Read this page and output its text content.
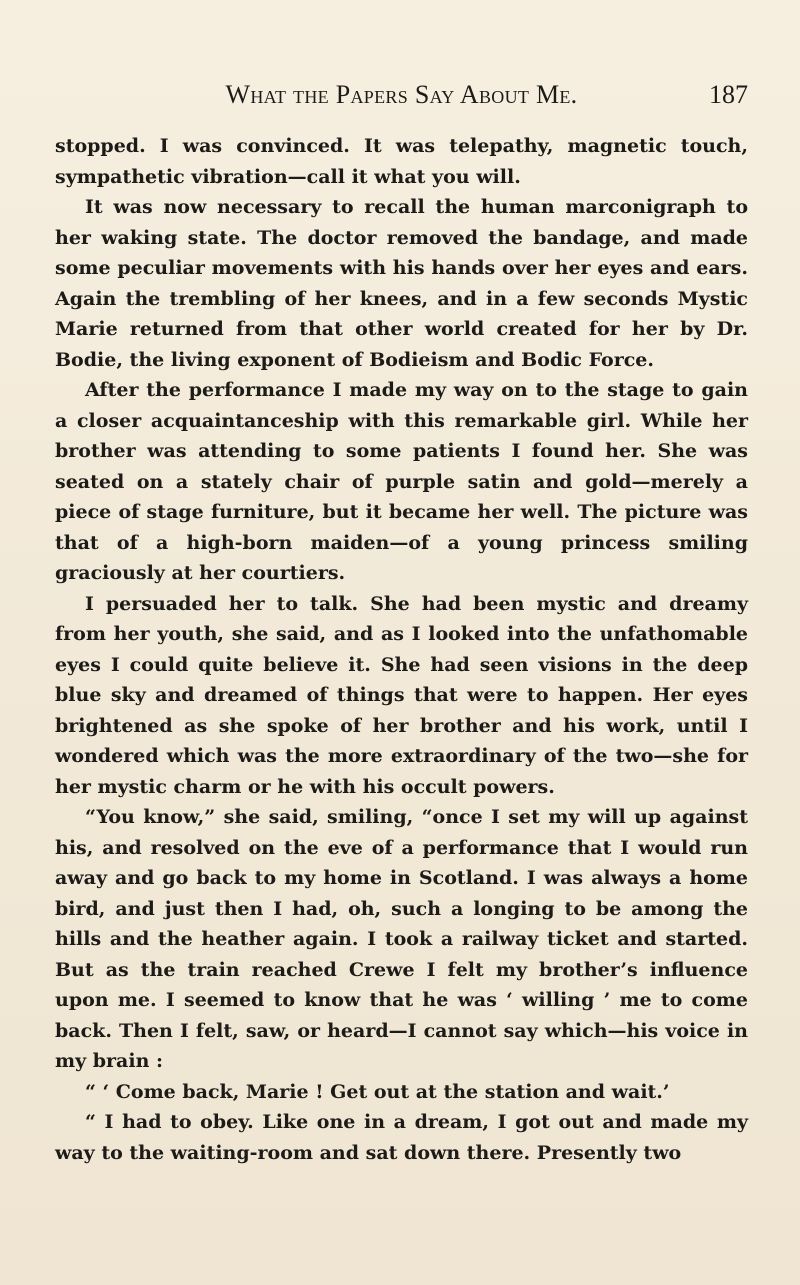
What the Papers Say About Me.	187

stopped. I was convinced. It was telepathy, magnetic touch, sympathetic vibration—call it what you will.

It was now necessary to recall the human marconigraph to her waking state. The doctor removed the bandage, and made some peculiar movements with his hands over her eyes and ears. Again the trembling of her knees, and in a few seconds Mystic Marie returned from that other world created for her by Dr. Bodie, the living exponent of Bodieism and Bodic Force.

After the performance I made my way on to the stage to gain a closer acquaintanceship with this remarkable girl. While her brother was attending to some patients I found her. She was seated on a stately chair of purple satin and gold—merely a piece of stage furniture, but it became her well. The picture was that of a high-born maiden—of a young princess smiling graciously at her courtiers.

I persuaded her to talk. She had been mystic and dreamy from her youth, she said, and as I looked into the unfathomable eyes I could quite believe it. She had seen visions in the deep blue sky and dreamed of things that were to happen. Her eyes brightened as she spoke of her brother and his work, until I wondered which was the more extraordinary of the two—she for her mystic charm or he with his occult powers.

“You know,” she said, smiling, “once I set my will up against his, and resolved on the eve of a performance that I would run away and go back to my home in Scotland. I was always a home bird, and just then I had, oh, such a longing to be among the hills and the heather again. I took a railway ticket and started. But as the train reached Crewe I felt my brother’s influence upon me. I seemed to know that he was ‘ willing ’ me to come back. Then I felt, saw, or heard—I cannot say which—his voice in my brain :

“ ‘ Come back, Marie ! Get out at the station and wait.’

“ I had to obey. Like one in a dream, I got out and made my way to the waiting-room and sat down there. Presently two
